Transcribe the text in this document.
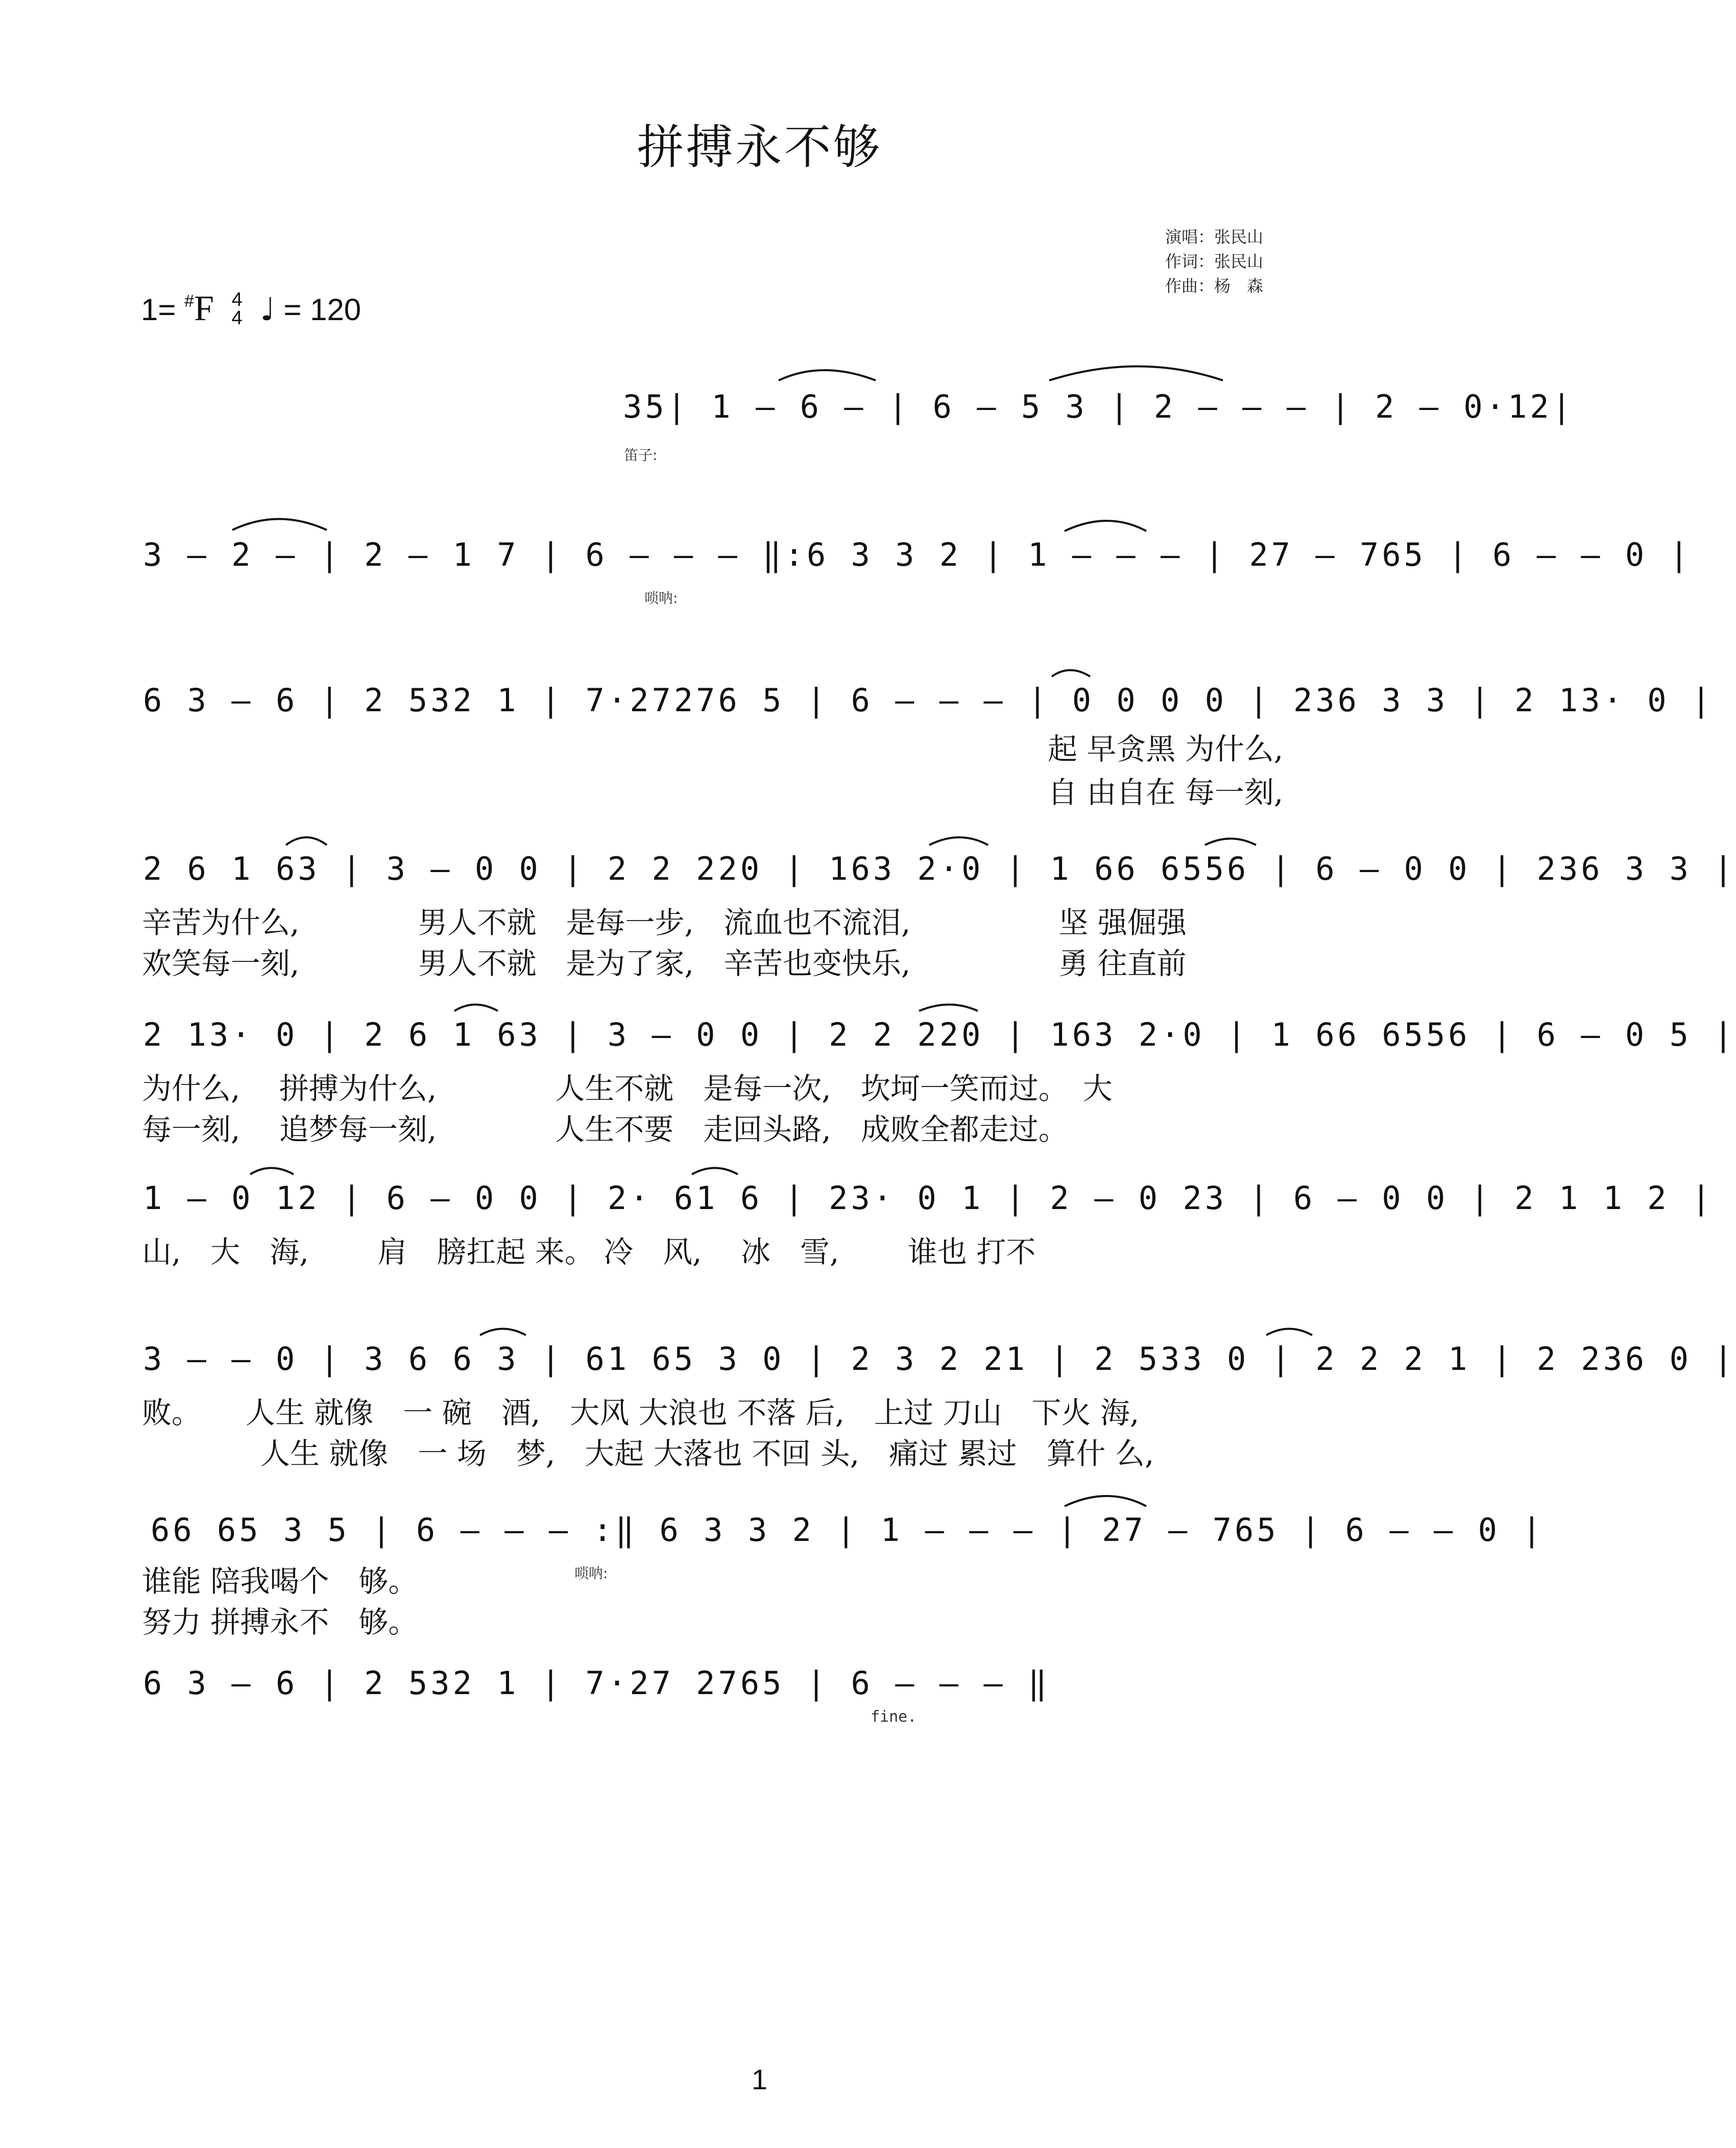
拼搏永不够
演唱：张民山
作词：张民山
作曲：杨　森
1= #F 4
4 ♩ = 120
35| 1 – 6 – | 6 – 5 3 | 2 – – – | 2 – 0·12|
笛子:
3 – 2 – | 2 – 1 7 | 6 – – – ‖:6 3 3 2 | 1 – – – | 27 – 765 | 6 – – 0 |
唢呐:
6 3 – 6 | 2 532 1 | 7·27276 5 | 6 – – – | 0 0 0 0 | 236 3 3 | 2 13· 0 |
起 早贪黑 为什么,
自 由自在 每一刻,
2 6 1 63 | 3 – 0 0 | 2 2 220 | 163 2·0 | 1 66 6556 | 6 – 0 0 | 236 3 3 |
辛苦为什么,　　　　男人不就　是每一步,　流血也不流泪,　　　　　坚 强倔强
欢笑每一刻,　　　　男人不就　是为了家,　辛苦也变快乐,　　　　　勇 往直前
2 13· 0 | 2 6 1 63 | 3 – 0 0 | 2 2 220 | 163 2·0 | 1 66 6556 | 6 – 0 5 |
为什么,　 拼搏为什么,　　　　人生不就　是每一次,　坎坷一笑而过。　大
每一刻,　 追梦每一刻,　　　　人生不要　走回头路,　成败全都走过。
1 – 0 12 | 6 – 0 0 | 2· 61 6 | 23· 0 1 | 2 – 0 23 | 6 – 0 0 | 2 1 1 2 |
山,　大　海,　　 肩　膀扛起 来。 冷　风,　 冰　雪,　　 谁也 打不
3 – – 0 | 3 6 6 3 | 61 65 3 0 | 2 3 2 21 | 2 533 0 | 2 2 2 1 | 2 236 0 |
败。　　人生 就像　一 碗　酒,　大风 大浪也 不落 后,　上过 刀山　下火 海,
　　　　人生 就像　一 场　梦,　大起 大落也 不回 头,　痛过 累过　算什 么,
66 65 3 5 | 6 – – – :‖ 6 3 3 2 | 1 – – – | 27 – 765 | 6 – – 0 |
唢呐:
谁能 陪我喝个　够。
努力 拼搏永不　够。
6 3 – 6 | 2 532 1 | 7·27 2765 | 6 – – – ‖
fine.
1
